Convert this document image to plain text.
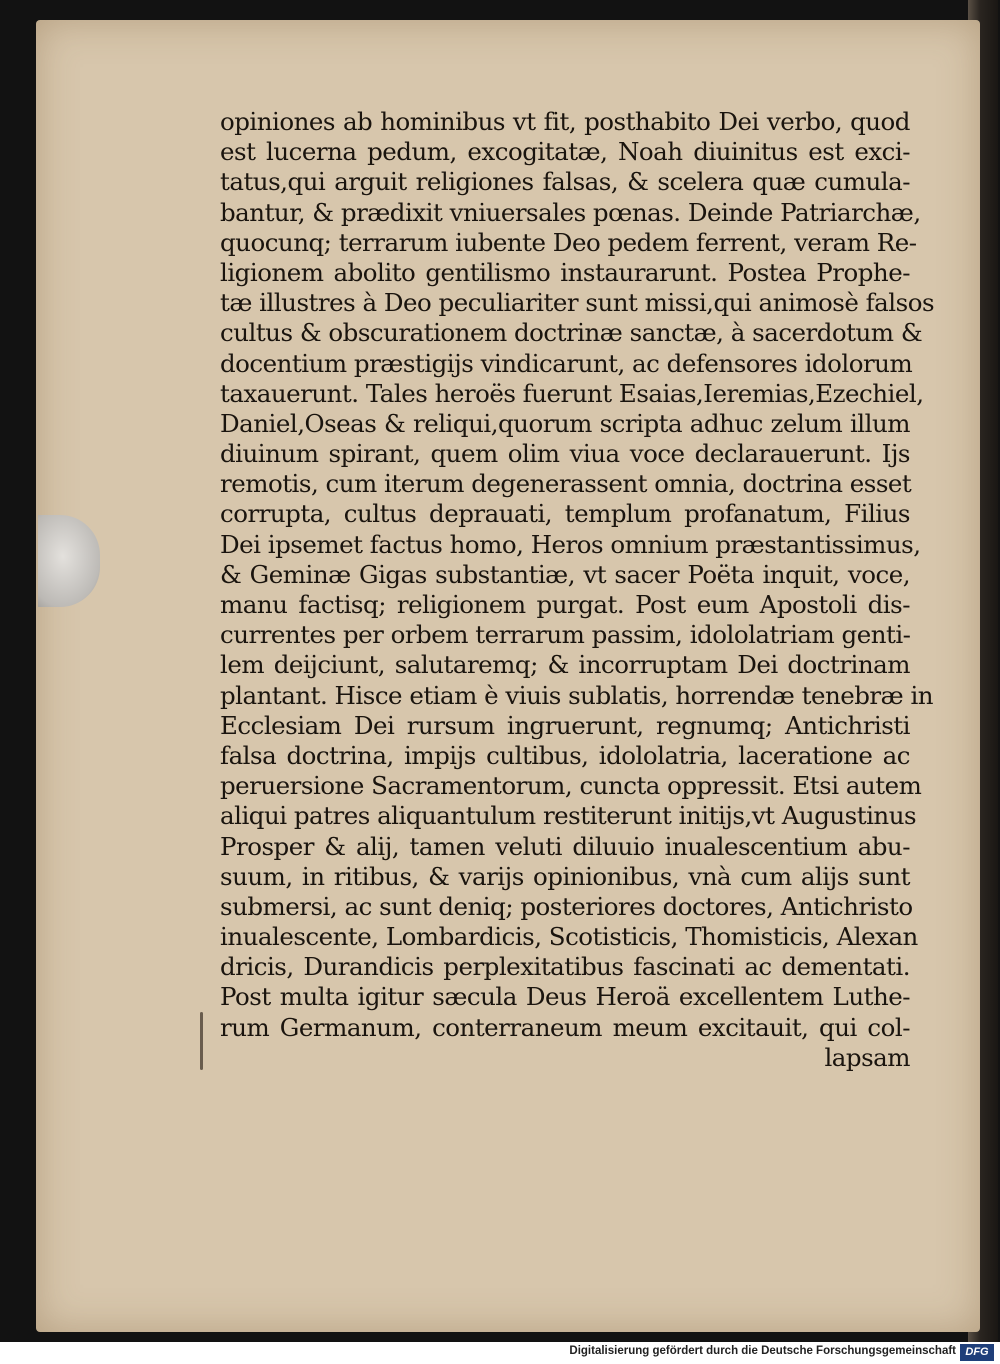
opiniones ab hominibus vt fit, posthabito Dei verbo, quod

est lucerna pedum, excogitatæ, Noah diuinitus est exci-

tatus,qui arguit religiones falsas, & scelera quæ cumula-

bantur, & prædixit vniuersales pœnas. Deinde Patriarchæ,

quocunq; terrarum iubente Deo pedem ferrent, veram Re-

ligionem abolito gentilismo instaurarunt. Postea Prophe-

tæ illustres à Deo peculiariter sunt missi,qui animosè falsos

cultus & obscurationem doctrinæ sanctæ, à sacerdotum &

docentium præstigijs vindicarunt, ac defensores idolorum

taxauerunt. Tales heroës fuerunt Esaias,Ieremias,Ezechiel,

Daniel,Oseas & reliqui,quorum scripta adhuc zelum illum

diuinum spirant, quem olim viua voce declarauerunt. Ijs

remotis, cum iterum degenerassent omnia, doctrina esset

corrupta, cultus deprauati, templum profanatum, Filius

Dei ipsemet factus homo, Heros omnium præstantissimus,

& Geminæ Gigas substantiæ, vt sacer Poëta inquit, voce,

manu factisq; religionem purgat. Post eum Apostoli dis-

currentes per orbem terrarum passim, idololatriam genti-

lem deijciunt, salutaremq; & incorruptam Dei doctrinam

plantant. Hisce etiam è viuis sublatis, horrendæ tenebræ in

Ecclesiam Dei rursum ingruerunt, regnumq; Antichristi

falsa doctrina, impijs cultibus, idololatria, laceratione ac

peruersione Sacramentorum, cuncta oppressit. Etsi autem

aliqui patres aliquantulum restiterunt initijs,vt Augustinus

Prosper & alij, tamen veluti diluuio inualescentium abu-

suum, in ritibus, & varijs opinionibus, vnà cum alijs sunt

submersi, ac sunt deniq; posteriores doctores, Antichristo

inualescente, Lombardicis, Scotisticis, Thomisticis, Alexan

dricis, Durandicis perplexitatibus fascinati ac dementati.

Post multa igitur sæcula Deus Heroä excellentem Luthe-

rum Germanum, conterraneum meum excitauit, qui col-

lapsam

Digitalisierung gefördert durch die Deutsche Forschungsgemeinschaft DFG
